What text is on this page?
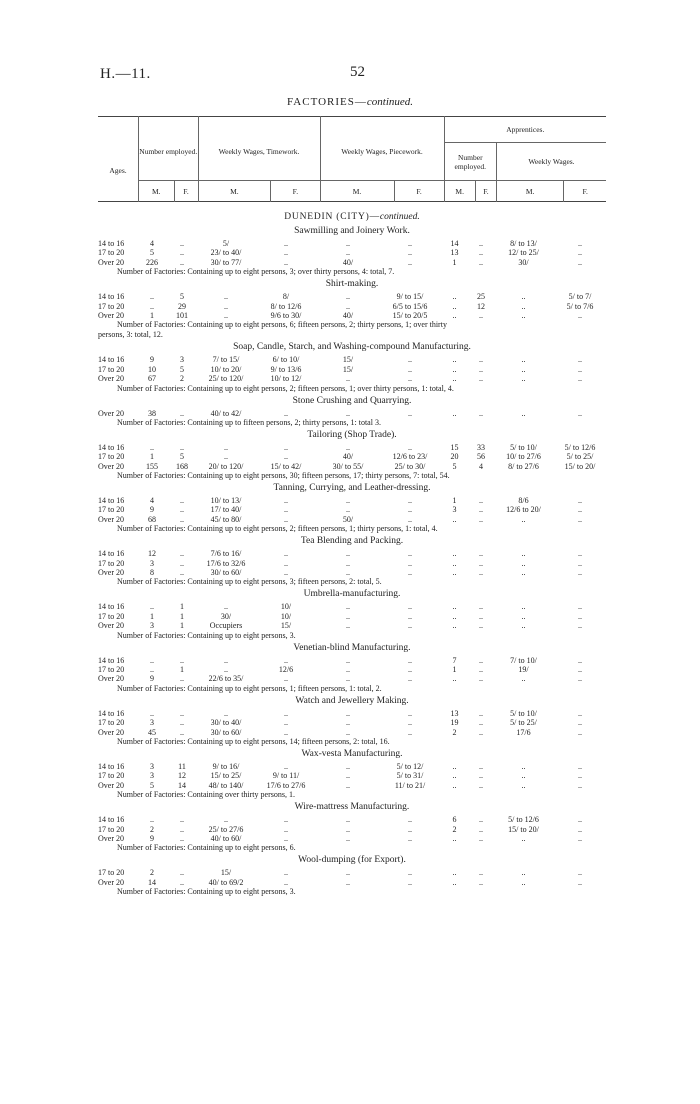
H.—11.	52
FACTORIES—continued.
Ages.	Number employed.		Weekly Wages, Timework.		Weekly Wages, Piecework.		Apprentices.			
							Number employed.		Weekly Wages.	
	M.	F.	M.	F.	M.	F.	M.	F.	M.	F.
DUNEDIN (CITY)—continued.
Sawmilling and Joinery Work.
14 to 16	4	..	5/	..	..	..	14	..	8/ to 13/	..
17 to 20	5	..	23/ to 40/	..	..	..	13	..	12/ to 25/	..
Over 20	226	..	30/ to 77/	..	40/	..	1	..	30/	..
Number of Factories: Containing up to eight persons, 3; over thirty persons, 4: total, 7.
Shirt-making.
14 to 16	..	5	..	8/	..	9/ to 15/	..	25	..	5/ to 7/
17 to 20	..	29	..	8/ to 12/6	..	6/5 to 15/6	..	12	..	5/ to 7/6
Over 20	1	101	..	9/6 to 30/	40/	15/ to 20/5	..	..	..	..
Number of Factories: Containing up to eight persons, 6; fifteen persons, 2; thirty persons, 1; over thirty
persons, 3: total, 12.
Soap, Candle, Starch, and Washing-compound Manufacturing.
14 to 16	9	3	7/ to 15/	6/ to 10/	15/	..	..	..	..	..
17 to 20	10	5	10/ to 20/	9/ to 13/6	15/	..	..	..	..	..
Over 20	67	2	25/ to 120/	10/ to 12/	..	..	..	..	..	..
Number of Factories: Containing up to eight persons, 2; fifteen persons, 1; over thirty persons, 1: total, 4.
Stone Crushing and Quarrying.
Over 20	38	..	40/ to 42/	..	..	..	..	..	..	..
Number of Factories: Containing up to fifteen persons, 2; thirty persons, 1: total 3.
Tailoring (Shop Trade).
14 to 16	..	..	..	..	..	..	15	33	5/ to 10/	5/ to 12/6
17 to 20	1	5	..	..	40/	12/6 to 23/	20	56	10/ to 27/6	5/ to 25/
Over 20	155	168	20/ to 120/	15/ to 42/	30/ to 55/	25/ to 30/	5	4	8/ to 27/6	15/ to 20/
Number of Factories: Containing up to eight persons, 30; fifteen persons, 17; thirty persons, 7: total, 54.
Tanning, Currying, and Leather-dressing.
14 to 16	4	..	10/ to 13/	..	..	..	1	..	8/6	..
17 to 20	9	..	17/ to 40/	..	..	..	3	..	12/6 to 20/	..
Over 20	68	..	45/ to 80/	..	50/	..	..	..	..	..
Number of Factories: Containing up to eight persons, 2; fifteen persons, 1; thirty persons, 1: total, 4.
Tea Blending and Packing.
14 to 16	12	..	7/6 to 16/	..	..	..	..	..	..	..
17 to 20	3	..	17/6 to 32/6	..	..	..	..	..	..	..
Over 20	8	..	30/ to 60/	..	..	..	..	..	..	..
Number of Factories: Containing up to eight persons, 3; fifteen persons, 2: total, 5.
Umbrella-manufacturing.
14 to 16	..	1	..	10/	..	..	..	..	..	..
17 to 20	1	1	30/	10/	..	..	..	..	..	..
Over 20	3	1	Occupiers	15/	..	..	..	..	..	..
Number of Factories: Containing up to eight persons, 3.
Venetian-blind Manufacturing.
14 to 16	..	..	..	..	..	..	7	..	7/ to 10/	..
17 to 20	..	1	..	12/6	..	..	1	..	19/	..
Over 20	9	..	22/6 to 35/	..	..	..	..	..	..	..
Number of Factories: Containing up to eight persons, 1; fifteen persons, 1: total, 2.
Watch and Jewellery Making.
14 to 16	..	..	..	..	..	..	13	..	5/ to 10/	..
17 to 20	3	..	30/ to 40/	..	..	..	19	..	5/ to 25/	..
Over 20	45	..	30/ to 60/	..	..	..	2	..	17/6	..
Number of Factories: Containing up to eight persons, 14; fifteen persons, 2: total, 16.
Wax-vesta Manufacturing.
14 to 16	3	11	9/ to 16/	..	..	5/ to 12/	..	..	..	..
17 to 20	3	12	15/ to 25/	9/ to 11/	..	5/ to 31/	..	..	..	..
Over 20	5	14	48/ to 140/	17/6 to 27/6	..	11/ to 21/	..	..	..	..
Number of Factories: Containing over thirty persons, 1.
Wire-mattress Manufacturing.
14 to 16	..	..	..	..	..	..	6	..	5/ to 12/6	..
17 to 20	2	..	25/ to 27/6	..	..	..	2	..	15/ to 20/	..
Over 20	9	..	40/ to 60/	..	..	..	..	..	..	..
Number of Factories: Containing up to eight persons, 6.
Wool-dumping (for Export).
17 to 20	2	..	15/	..	..	..	..	..	..	..
Over 20	14	..	40/ to 69/2	..	..	..	..	..	..	..
Number of Factories: Containing up to eight persons, 3.
